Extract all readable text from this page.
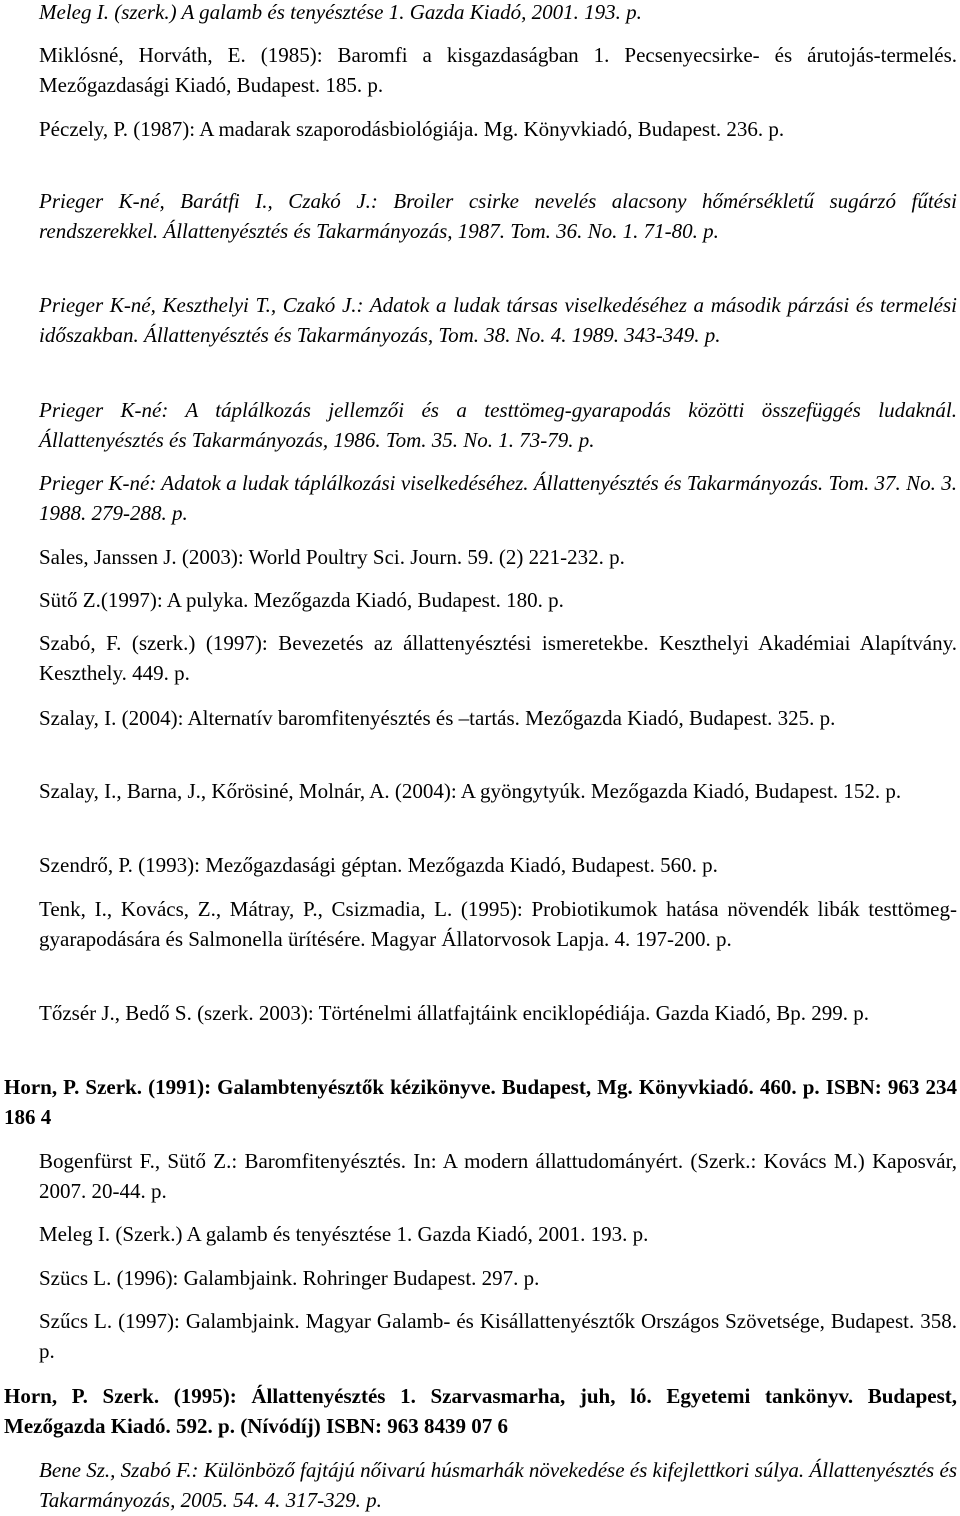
Meleg I. (szerk.) A galamb és tenyésztése 1. Gazda Kiadó, 2001. 193. p.
Miklósné, Horváth, E. (1985): Baromfi a kisgazdaságban 1. Pecsenyecsirke- és árutojás-termelés. Mezőgazdasági Kiadó, Budapest. 185. p.
Péczely, P. (1987): A madarak szaporodásbiológiája. Mg. Könyvkiadó, Budapest. 236. p.
Prieger K-né, Barátfi I., Czakó J.: Broiler csirke nevelés alacsony hőmérsékletű sugárzó fűtési rendszerekkel. Állattenyésztés és Takarmányozás, 1987. Tom. 36. No. 1. 71-80. p.
Prieger K-né, Keszthelyi T., Czakó J.: Adatok a ludak társas viselkedéséhez a második párzási és termelési időszakban. Állattenyésztés és Takarmányozás, Tom. 38. No. 4. 1989. 343-349. p.
Prieger K-né: A táplálkozás jellemzői és a testtömeg-gyarapodás közötti összefüggés ludaknál. Állattenyésztés és Takarmányozás, 1986. Tom. 35. No. 1. 73-79. p.
Prieger K-né: Adatok a ludak táplálkozási viselkedéséhez. Állattenyésztés és Takarmányozás. Tom. 37. No. 3. 1988. 279-288. p.
Sales, Janssen J. (2003): World Poultry Sci. Journ. 59. (2) 221-232. p.
Sütő Z.(1997): A pulyka. Mezőgazda Kiadó, Budapest. 180. p.
Szabó, F. (szerk.) (1997): Bevezetés az állattenyésztési ismeretekbe. Keszthelyi Akadémiai Alapítvány. Keszthely. 449. p.
Szalay, I. (2004): Alternatív baromfitenyésztés és –tartás. Mezőgazda Kiadó, Budapest. 325. p.
Szalay, I., Barna, J., Kőrösiné, Molnár, A. (2004): A gyöngytyúk. Mezőgazda Kiadó, Budapest. 152. p.
Szendrő, P. (1993): Mezőgazdasági géptan. Mezőgazda Kiadó, Budapest. 560. p.
Tenk, I., Kovács, Z., Mátray, P., Csizmadia, L. (1995): Probiotikumok hatása növendék libák testtömeg-gyarapodására és Salmonella ürítésére. Magyar Állatorvosok Lapja. 4. 197-200. p.
Tőzsér J., Bedő S. (szerk. 2003): Történelmi állatfajtáink enciklopédiája. Gazda Kiadó, Bp. 299. p.
Horn, P. Szerk. (1991): Galambtenyésztők kézikönyve. Budapest, Mg. Könyvkiadó. 460. p. ISBN: 963 234 186 4
Bogenfürst F., Sütő Z.: Baromfitenyésztés. In: A modern állattudományért. (Szerk.: Kovács M.) Kaposvár, 2007. 20-44. p.
Meleg I. (Szerk.) A galamb és tenyésztése 1. Gazda Kiadó, 2001. 193. p.
Szücs L. (1996): Galambjaink. Rohringer Budapest. 297. p.
Szűcs L. (1997): Galambjaink. Magyar Galamb- és Kisállattenyésztők Országos Szövetsége, Budapest. 358. p.
Horn, P. Szerk. (1995): Állattenyésztés 1. Szarvasmarha, juh, ló. Egyetemi tankönyv. Budapest, Mezőgazda Kiadó. 592. p. (Nívódíj) ISBN: 963 8439 07 6
Bene Sz., Szabó F.: Különböző fajtájú nőivarú húsmarhák növekedése és kifejlettkori súlya. Állattenyésztés és Takarmányozás, 2005. 54. 4. 317-329. p.
